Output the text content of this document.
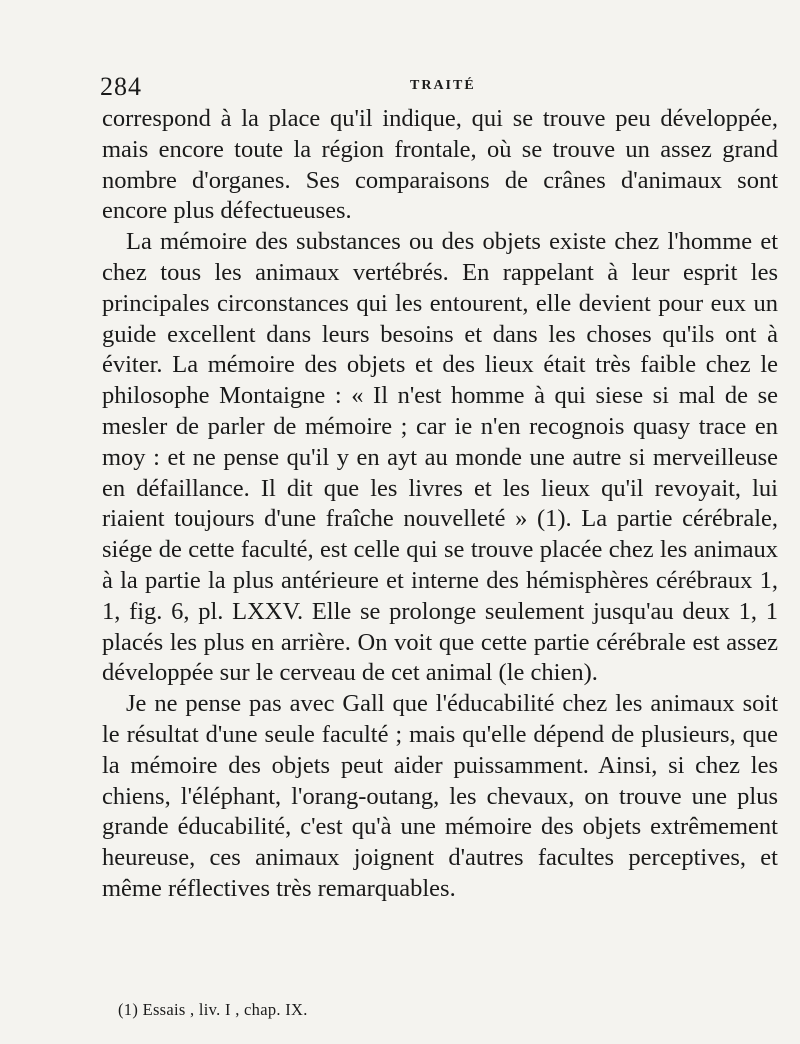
284	TRAITÉ

correspond à la place qu'il indique, qui se trouve peu développée, mais encore toute la région frontale, où se trouve un assez grand nombre d'organes. Ses comparaisons de crânes d'animaux sont encore plus défectueuses.

La mémoire des substances ou des objets existe chez l'homme et chez tous les animaux vertébrés. En rappelant à leur esprit les principales circonstances qui les entourent, elle devient pour eux un guide excellent dans leurs besoins et dans les choses qu'ils ont à éviter. La mémoire des objets et des lieux était très faible chez le philosophe Montaigne : « Il n'est homme à qui siese si mal de se mesler de parler de mémoire ; car ie n'en recognois quasy trace en moy : et ne pense qu'il y en ayt au monde une autre si merveilleuse en défaillance. Il dit que les livres et les lieux qu'il revoyait, lui riaient toujours d'une fraîche nouvelleté » (1). La partie cérébrale, siége de cette faculté, est celle qui se trouve placée chez les animaux à la partie la plus antérieure et interne des hémisphères cérébraux 1, 1, fig. 6, pl. LXXV. Elle se prolonge seulement jusqu'au deux 1, 1 placés les plus en arrière. On voit que cette partie cérébrale est assez développée sur le cerveau de cet animal (le chien).

Je ne pense pas avec Gall que l'éducabilité chez les animaux soit le résultat d'une seule faculté ; mais qu'elle dépend de plusieurs, que la mémoire des objets peut aider puissamment. Ainsi, si chez les chiens, l'éléphant, l'orang-outang, les chevaux, on trouve une plus grande éducabilité, c'est qu'à une mémoire des objets extrêmement heureuse, ces animaux joignent d'autres facultes perceptives, et même réflectives très remarquables.

(1) Essais , liv. I , chap. IX.
